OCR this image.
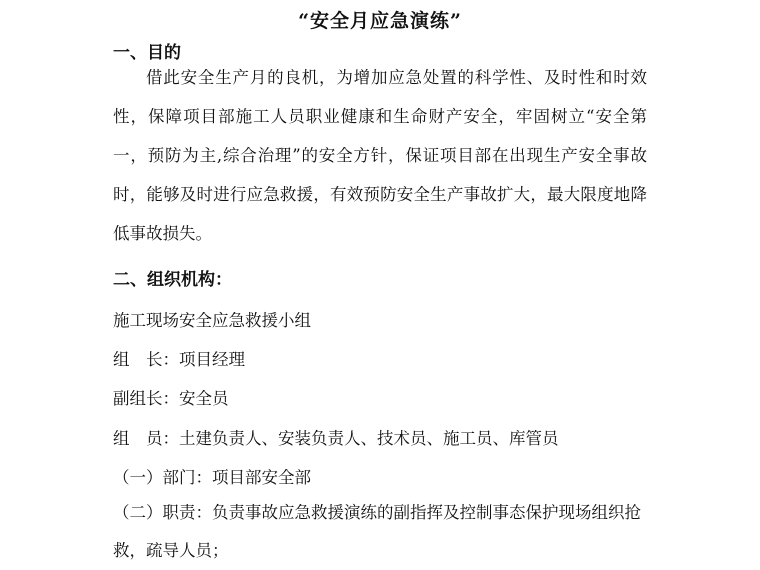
“安全月应急演练”
一、目的

借此安全生产月的良机，为增加应急处置的科学性、及时性和时效性，保障项目部施工人员职业健康和生命财产安全，牢固树立“安全第一，预防为主,综合治理”的安全方针，保证项目部在出现生产安全事故时，能够及时进行应急救援，有效预防安全生产事故扩大，最大限度地降低事故损失。

二、组织机构：
施工现场安全应急救援小组
组　长：项目经理
副组长：安全员
组　员：土建负责人、安装负责人、技术员、施工员、库管员
（一）部门：项目部安全部

（二）职责：负责事故应急救援演练的副指挥及控制事态保护现场组织抢救，疏导人员；
